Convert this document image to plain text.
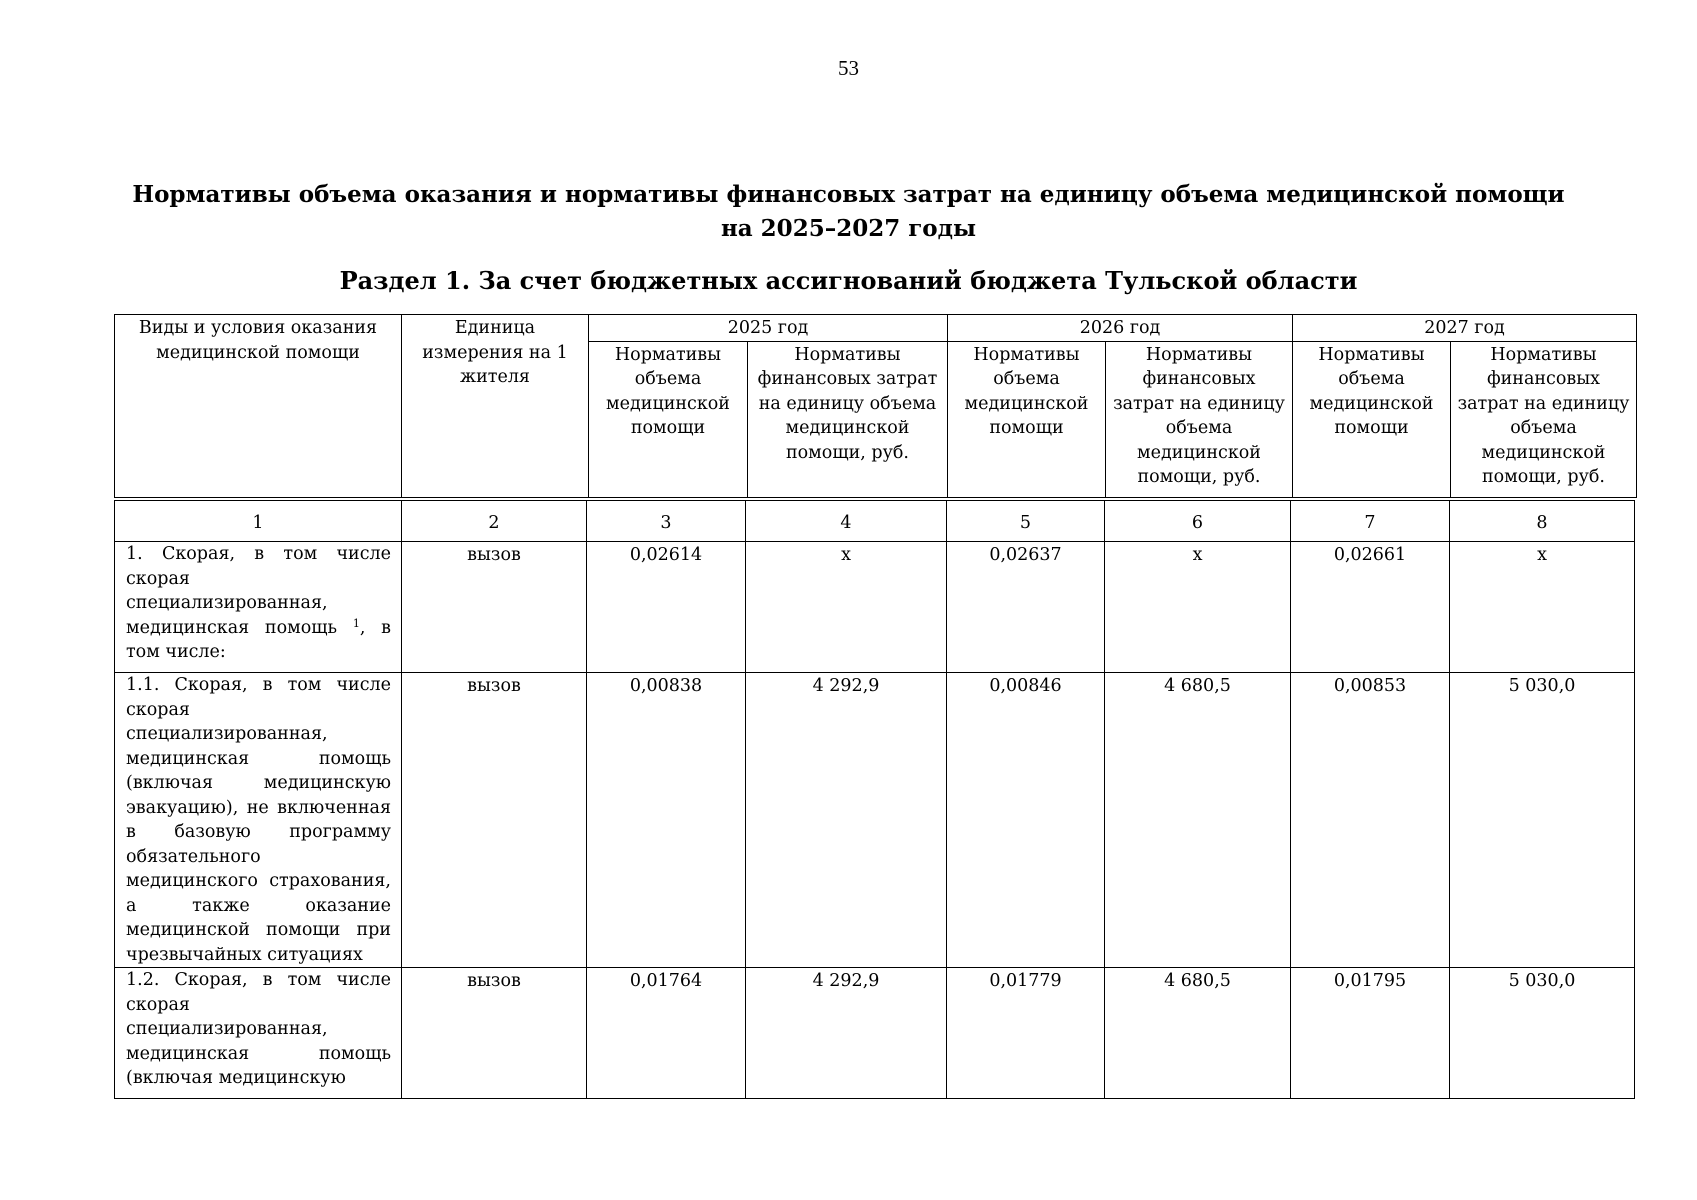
53
Нормативы объема оказания и нормативы финансовых затрат на единицу объема медицинской помощи
на 2025–2027 годы
Раздел 1. За счет бюджетных ассигнований бюджета Тульской области
Виды и условия оказания медицинской помощи	Единица измерения на 1 жителя	2025 год		2026 год		2027 год	
		Нормативы объема медицинской помощи	Нормативы финансовых затрат на единицу объема медицинской помощи, руб.	Нормативы объема медицинской помощи	Нормативы финансовых затрат на единицу объема медицинской помощи, руб.	Нормативы объема медицинской помощи	Нормативы финансовых затрат на единицу объема медицинской помощи, руб.
1	2	3	4	5	6	7	8
1. Скорая, в том числе скорая специализированная, медицинская помощь $^1$, в том числе:	вызов	0,02614	х	0,02637	х	0,02661	х
1.1. Скорая, в том числе скорая специализированная, медицинская помощь (включая медицинскую эвакуацию), не включенная в базовую программу обязательного медицинского страхования, а также оказание медицинской помощи при чрезвычайных ситуациях	вызов	0,00838	4 292,9	0,00846	4 680,5	0,00853	5 030,0
1.2. Скорая, в том числе скорая специализированная, медицинская помощь (включая медицинскую	вызов	0,01764	4 292,9	0,01779	4 680,5	0,01795	5 030,0
